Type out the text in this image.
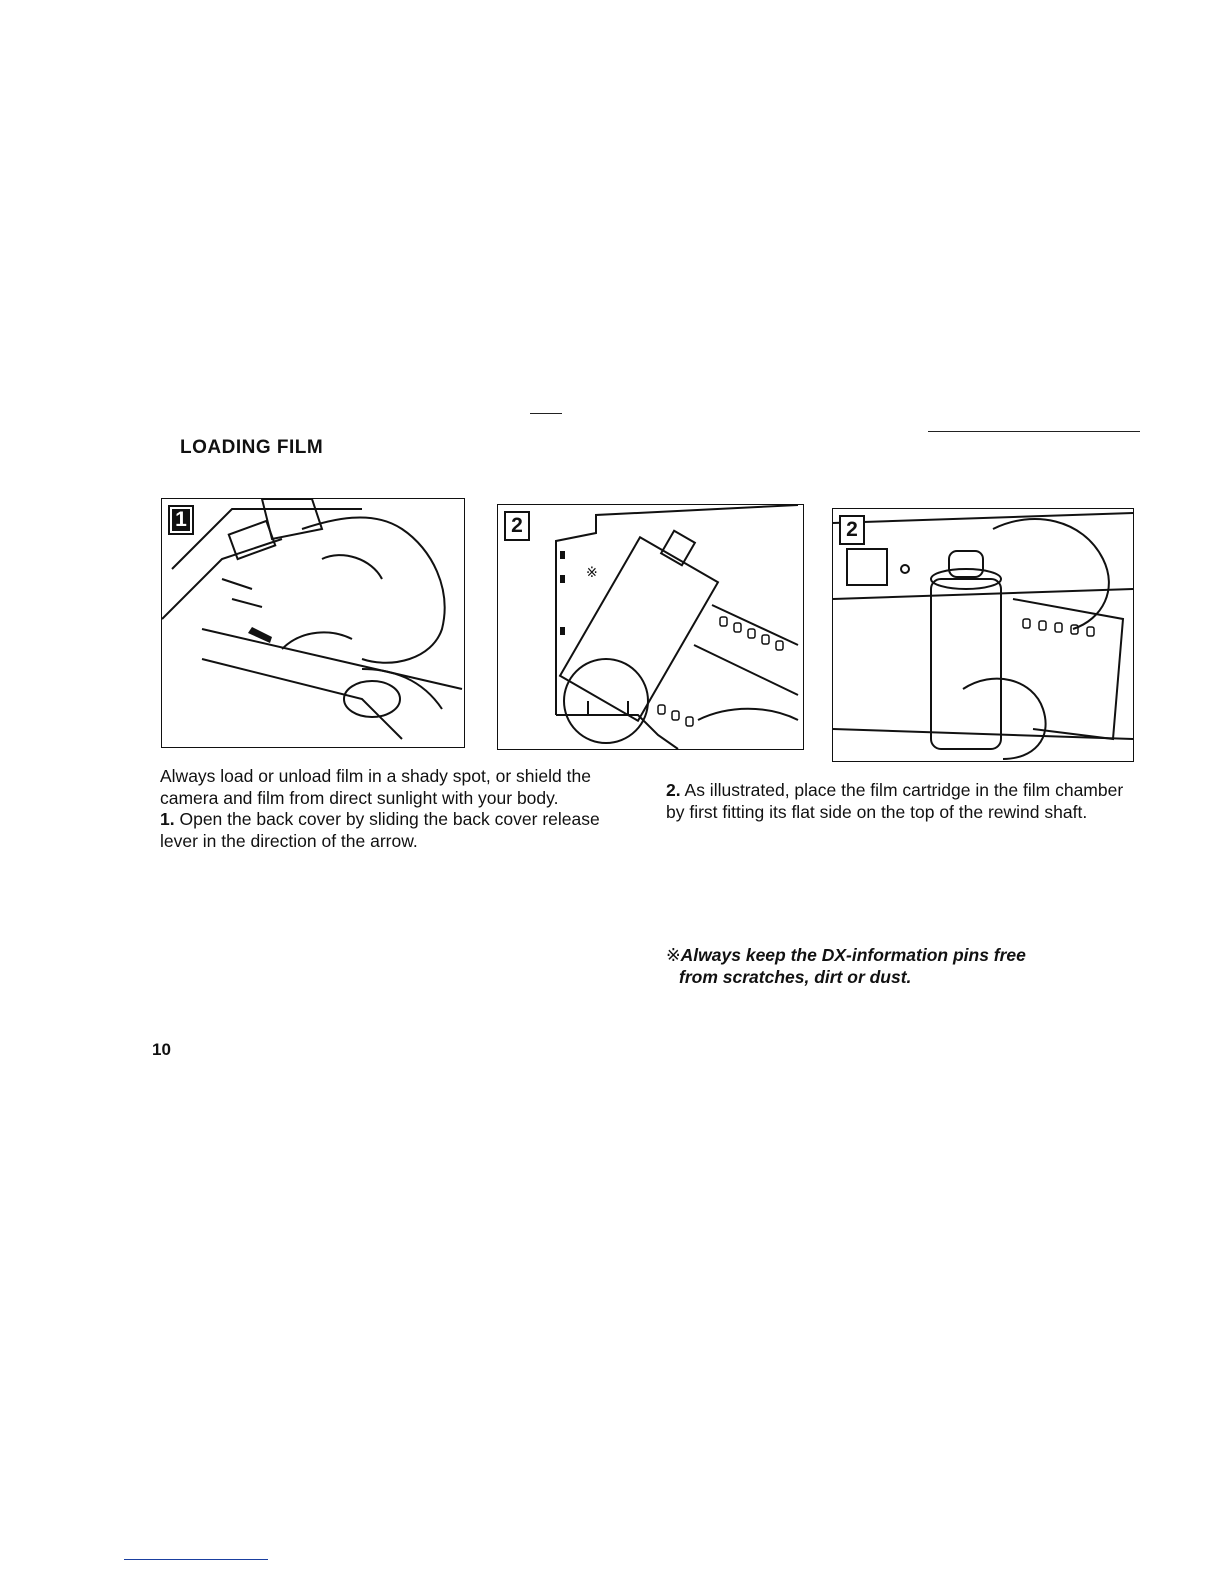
LOADING FILM
1
※
2	2

Always load or unload film in a shady spot, or shield the camera and film from direct sunlight with your body.

1. Open the back cover by sliding the back cover release lever in the direction of the arrow.

2. As illustrated, place the film cartridge in the film chamber by first fitting its flat side on the top of the rewind shaft.

※Always keep the DX-information pins free
from scratches, dirt or dust.
10
